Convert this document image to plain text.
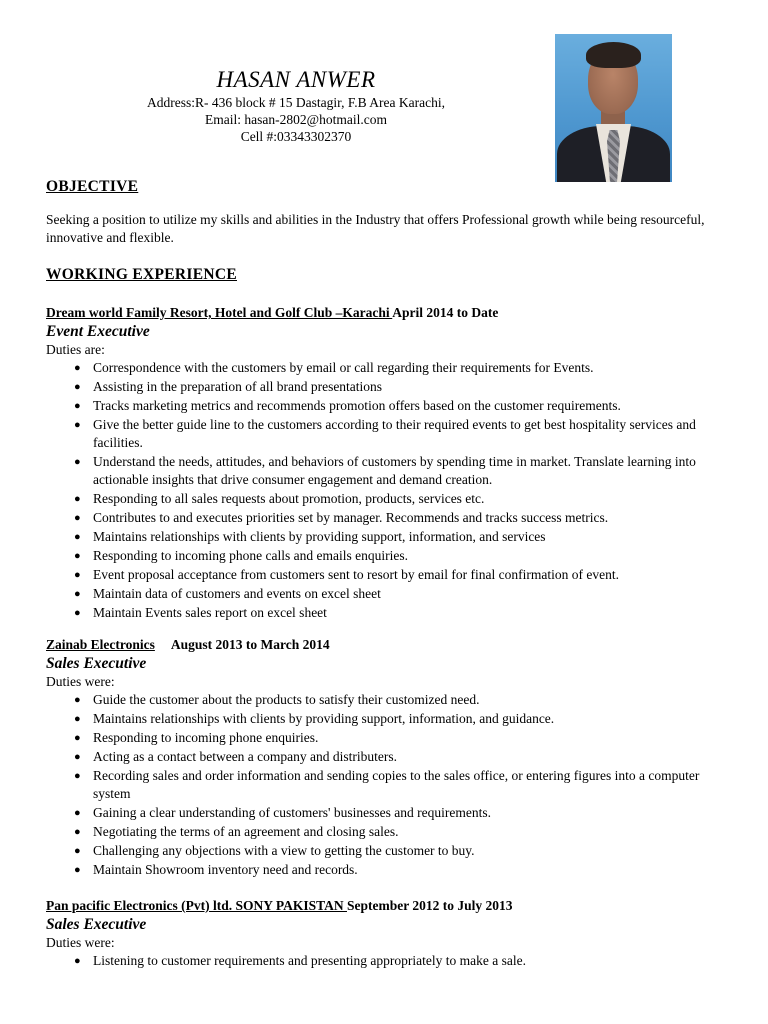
HASAN ANWER
Address:R- 436 block # 15 Dastagir, F.B Area Karachi,
Email: hasan-2802@hotmail.com
Cell #:03343302370
OBJECTIVE
Seeking a position to utilize my skills and abilities in the Industry that offers Professional growth while being resourceful, innovative and flexible.
WORKING EXPERIENCE
Dream world Family Resort, Hotel and Golf Club –Karachi April 2014 to Date
Event Executive
Duties are:
● Correspondence with the customers by email or call regarding their requirements for Events.
● Assisting in the preparation of all brand presentations
● Tracks marketing metrics and recommends promotion offers based on the customer requirements.
● Give the better guide line to the customers according to their required events to get best hospitality services and facilities.
● Understand the needs, attitudes, and behaviors of customers by spending time in market. Translate learning into actionable insights that drive consumer engagement and demand creation.
● Responding to all sales requests about promotion, products, services etc.
● Contributes to and executes priorities set by manager. Recommends and tracks success metrics.
● Maintains relationships with clients by providing support, information, and services
● Responding to incoming phone calls and emails enquiries.
● Event proposal acceptance from customers sent to resort by email for final confirmation of event.
● Maintain data of customers and events on excel sheet
● Maintain Events sales report on excel sheet
Zainab Electronics August 2013 to March 2014
Sales Executive
Duties were:
● Guide the customer about the products to satisfy their customized need.
● Maintains relationships with clients by providing support, information, and guidance.
● Responding to incoming phone enquiries.
● Acting as a contact between a company and distributers.
● Recording sales and order information and sending copies to the sales office, or entering figures into a computer system
● Gaining a clear understanding of customers' businesses and requirements.
● Negotiating the terms of an agreement and closing sales.
● Challenging any objections with a view to getting the customer to buy.
● Maintain Showroom inventory need and records.
Pan pacific Electronics (Pvt) ltd. SONY PAKISTAN September 2012 to July 2013
Sales Executive
Duties were:
● Listening to customer requirements and presenting appropriately to make a sale.
